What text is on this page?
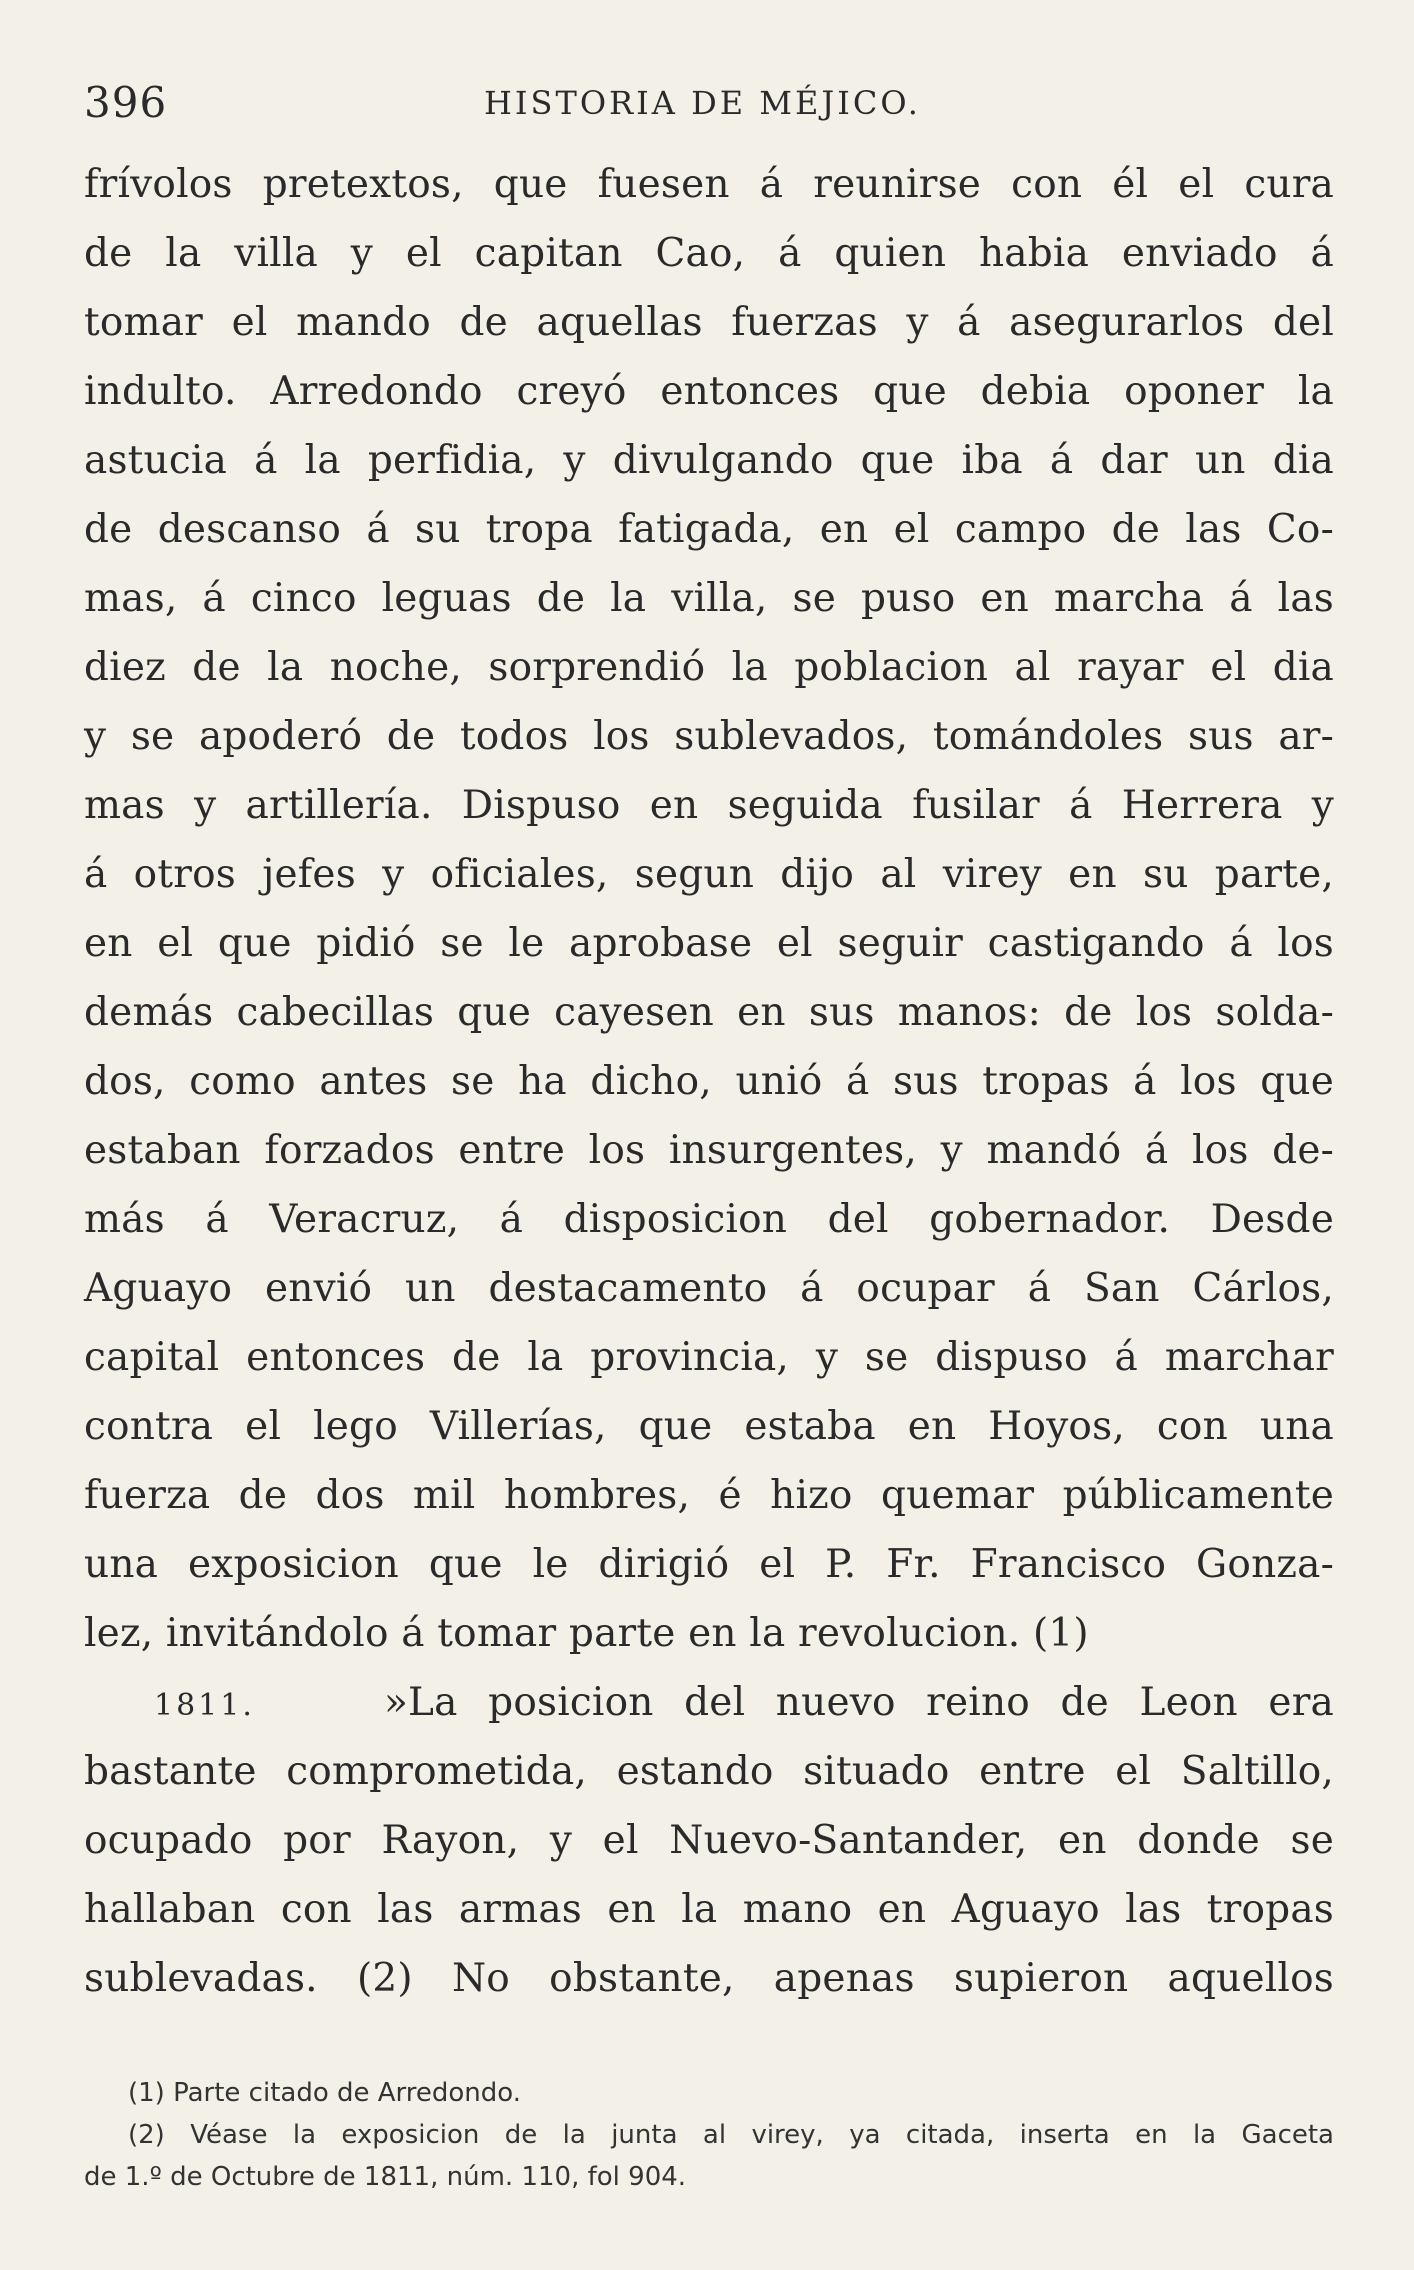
396	HISTORIA DE MÉJICO.
frívolos pretextos, que fuesen á reunirse con él el cura
de la villa y el capitan Cao, á quien habia enviado á
tomar el mando de aquellas fuerzas y á asegurarlos del
indulto. Arredondo creyó entonces que debia oponer la
astucia á la perfidia, y divulgando que iba á dar un dia
de descanso á su tropa fatigada, en el campo de las Co-
mas, á cinco leguas de la villa, se puso en marcha á las
diez de la noche, sorprendió la poblacion al rayar el dia
y se apoderó de todos los sublevados, tomándoles sus ar-
mas y artillería. Dispuso en seguida fusilar á Herrera y
á otros jefes y oficiales, segun dijo al virey en su parte,
en el que pidió se le aprobase el seguir castigando á los
demás cabecillas que cayesen en sus manos: de los solda-
dos, como antes se ha dicho, unió á sus tropas á los que
estaban forzados entre los insurgentes, y mandó á los de-
más á Veracruz, á disposicion del gobernador. Desde
Aguayo envió un destacamento á ocupar á San Cárlos,
capital entonces de la provincia, y se dispuso á marchar
contra el lego Villerías, que estaba en Hoyos, con una
fuerza de dos mil hombres, é hizo quemar públicamente
una exposicion que le dirigió el P. Fr. Francisco Gonza-
lez, invitándolo á tomar parte en la revolucion. (1)
1811.	»La posicion del nuevo reino de Leon era
bastante comprometida, estando situado entre el Saltillo,
ocupado por Rayon, y el Nuevo-Santander, en donde se
hallaban con las armas en la mano en Aguayo las tropas
sublevadas. (2) No obstante, apenas supieron aquellos
(1) Parte citado de Arredondo.
(2) Véase la exposicion de la junta al virey, ya citada, inserta en la Gaceta
de 1.º de Octubre de 1811, núm. 110, fol 904.
